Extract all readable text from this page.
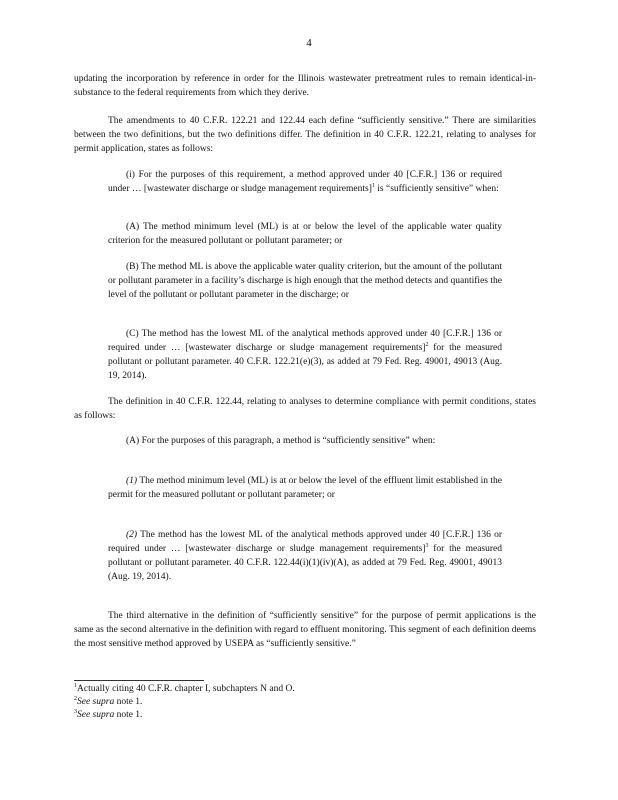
4

updating the incorporation by reference in order for the Illinois wastewater pretreatment rules to remain identical-in-substance to the federal requirements from which they derive.

The amendments to 40 C.F.R. 122.21 and 122.44 each define “sufficiently sensitive.” There are similarities between the two definitions, but the two definitions differ. The definition in 40 C.F.R. 122.21, relating to analyses for permit application, states as follows:

(i) For the purposes of this requirement, a method approved under 40 [C.F.R.] 136 or required under … [wastewater discharge or sludge management requirements]$^1$ is “sufficiently sensitive” when:

(A) The method minimum level (ML) is at or below the level of the applicable water quality criterion for the measured pollutant or pollutant parameter; or

(B) The method ML is above the applicable water quality criterion, but the amount of the pollutant or pollutant parameter in a facility’s discharge is high enough that the method detects and quantifies the level of the pollutant or pollutant parameter in the discharge; or

(C) The method has the lowest ML of the analytical methods approved under 40 [C.F.R.] 136 or required under … [wastewater discharge or sludge management requirements]$^2$ for the measured pollutant or pollutant parameter. 40 C.F.R. 122.21(e)(3), as added at 79 Fed. Reg. 49001, 49013 (Aug. 19, 2014).

The definition in 40 C.F.R. 122.44, relating to analyses to determine compliance with permit conditions, states as follows:

(A) For the purposes of this paragraph, a method is “sufficiently sensitive” when:

(1) The method minimum level (ML) is at or below the level of the effluent limit established in the permit for the measured pollutant or pollutant parameter; or

(2) The method has the lowest ML of the analytical methods approved under 40 [C.F.R.] 136 or required under … [wastewater discharge or sludge management requirements]$^3$ for the measured pollutant or pollutant parameter. 40 C.F.R. 122.44(i)(1)(iv)(A), as added at 79 Fed. Reg. 49001, 49013 (Aug. 19, 2014).

The third alternative in the definition of “sufficiently sensitive” for the purpose of permit applications is the same as the second alternative in the definition with regard to effluent monitoring. This segment of each definition deems the most sensitive method approved by USEPA as “sufficiently sensitive.”

$^1$Actually citing 40 C.F.R. chapter I, subchapters N and O.

$^2$See supra note 1.

$^3$See supra note 1.
